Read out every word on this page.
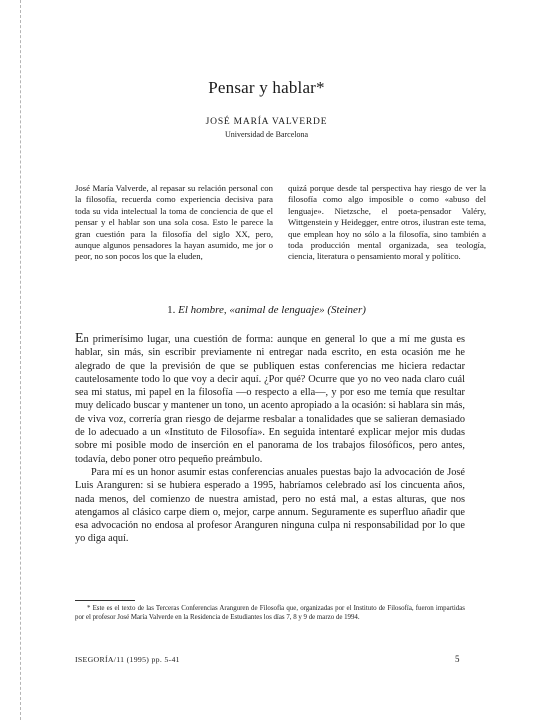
Pensar y hablar*
JOSÉ MARÍA VALVERDE
Universidad de Barcelona
José María Valverde, al repasar su relación personal con la filosofía, recuerda como experiencia decisiva para toda su vida intelectual la toma de conciencia de que el pensar y el hablar son una sola cosa. Esto le parece la gran cuestión para la filosofía del siglo XX, pero, aunque algunos pensadores la hayan asumido, me jor o peor, no son pocos los que la eluden,
quizá porque desde tal perspectiva hay riesgo de ver la filosofía como algo imposible o como «abuso del lenguaje». Nietzsche, el poeta-pensador Valéry, Wittgenstein y Heidegger, entre otros, ilustran este tema, que emplean hoy no sólo a la filosofía, sino también a toda producción mental organizada, sea teología, ciencia, literatura o pensamiento moral y político.
1. El hombre, «animal de lenguaje» (Steiner)

En primerísimo lugar, una cuestión de forma: aunque en general lo que a mí me gusta es hablar, sin más, sin escribir previamente ni entregar nada escrito, en esta ocasión me he alegrado de que la previsión de que se publiquen estas conferencias me hiciera redactar cautelosamente todo lo que voy a decir aquí. ¿Por qué? Ocurre que yo no veo nada claro cuál sea mi status, mi papel en la filosofía —o respecto a ella—, y por eso me temía que resultar muy delicado buscar y mantener un tono, un acento apropiado a la ocasión: si hablara sin más, de viva voz, correría gran riesgo de dejarme resbalar a tonalidades que se salieran demasiado de lo adecuado a un «Instituto de Filosofía». En seguida intentaré explicar mejor mis dudas sobre mi posible modo de inserción en el panorama de los trabajos filosóficos, pero antes, todavía, debo poner otro pequeño preámbulo.

Para mí es un honor asumir estas conferencias anuales puestas bajo la advocación de José Luis Aranguren: si se hubiera esperado a 1995, habríamos celebrado así los cincuenta años, nada menos, del comienzo de nuestra amistad, pero no está mal, a estas alturas, que nos atengamos al clásico carpe diem o, mejor, carpe annum. Seguramente es superfluo añadir que esa advocación no endosa al profesor Aranguren ninguna culpa ni responsabilidad por lo que yo diga aquí.

* Este es el texto de las Terceras Conferencias Aranguren de Filosofía que, organizadas por el Instituto de Filosofía, fueron impartidas por el profesor José María Valverde en la Residencia de Estudiantes los días 7, 8 y 9 de marzo de 1994.
ISEGORÍA/11 (1995) pp. 5-41	5
